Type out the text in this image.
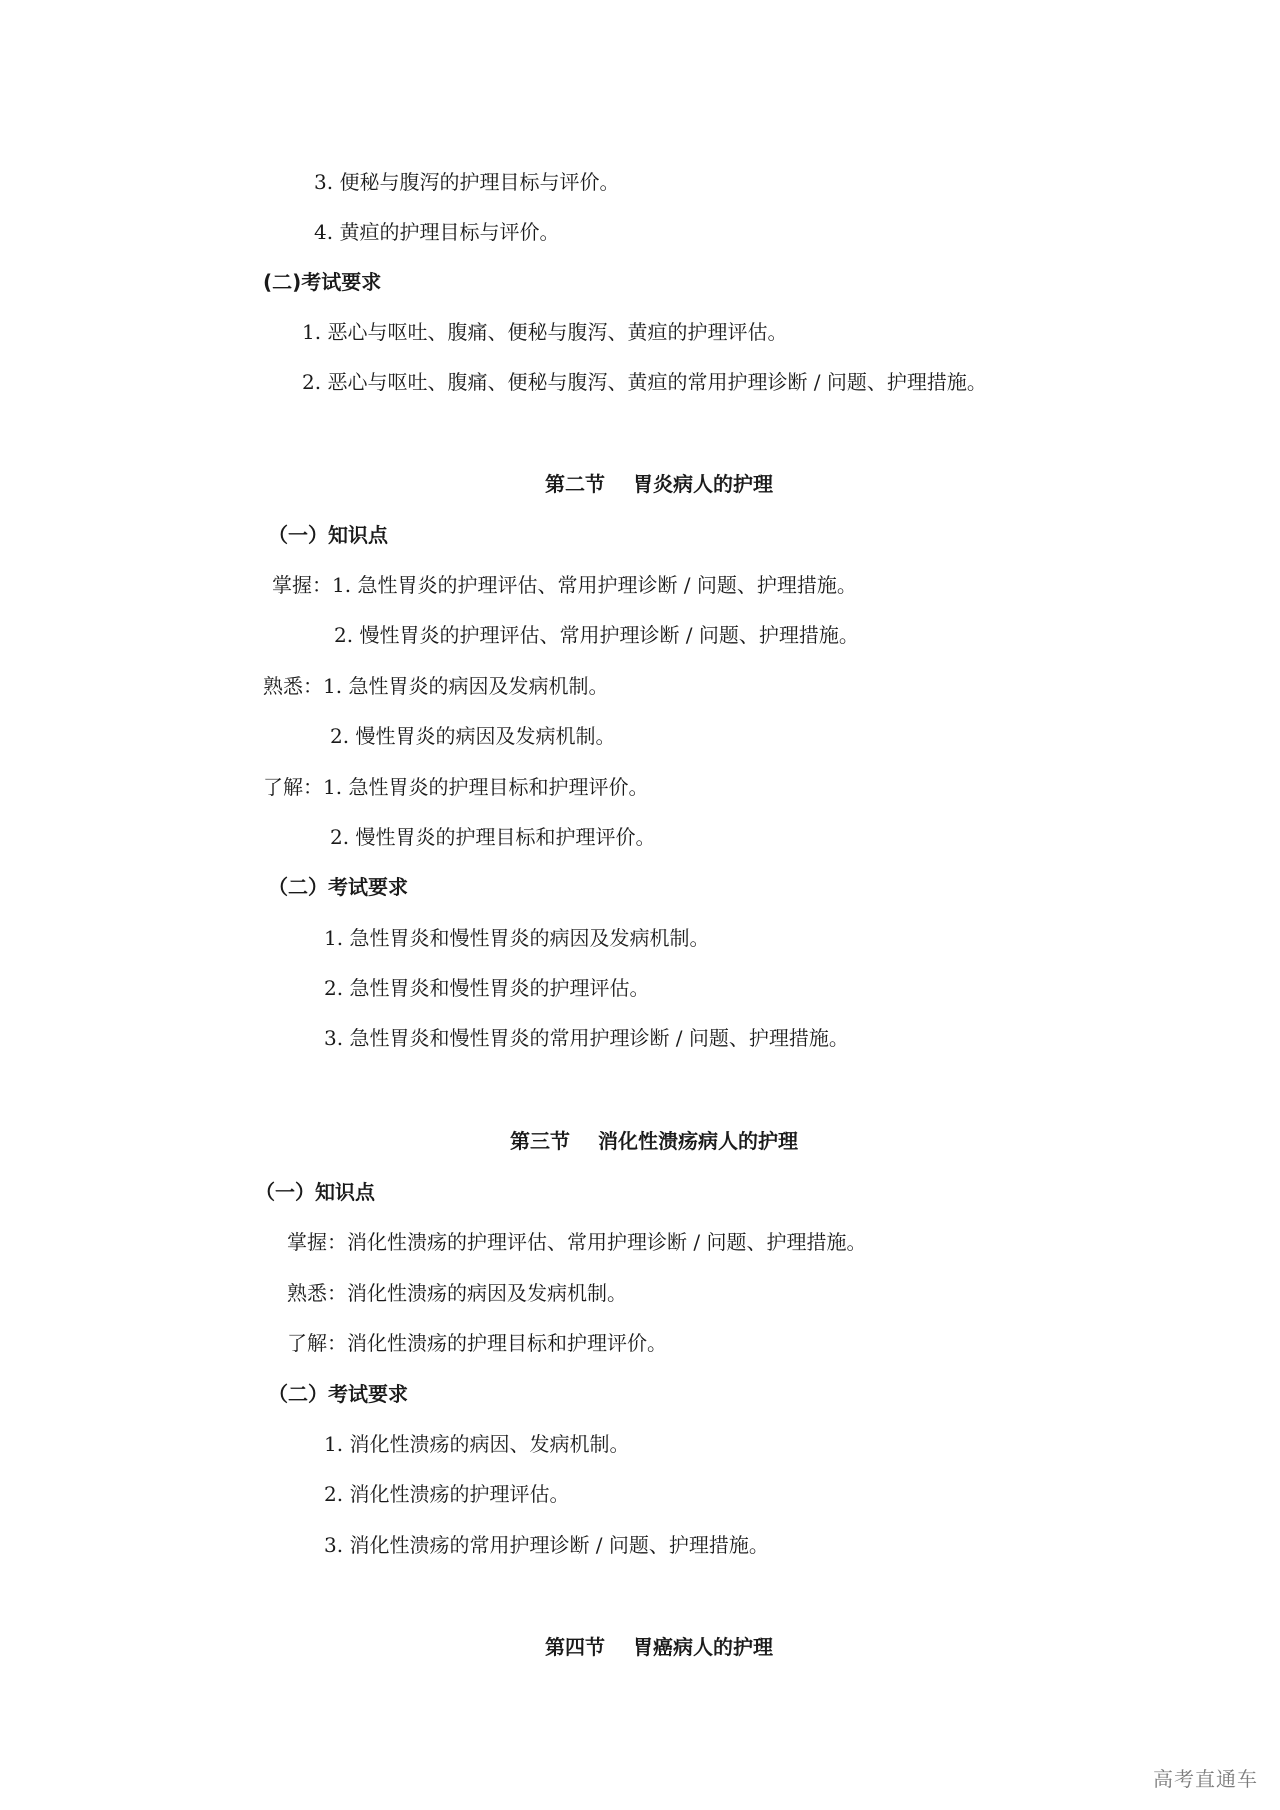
3. 便秘与腹泻的护理目标与评价。
4. 黄疸的护理目标与评价。
(二)考试要求
1. 恶心与呕吐、腹痛、便秘与腹泻、黄疸的护理评估。
2. 恶心与呕吐、腹痛、便秘与腹泻、黄疸的常用护理诊断 / 问题、护理措施。
第二节 胃炎病人的护理
（一）知识点
掌握：1. 急性胃炎的护理评估、常用护理诊断 / 问题、护理措施。
2. 慢性胃炎的护理评估、常用护理诊断 / 问题、护理措施。
熟悉：1. 急性胃炎的病因及发病机制。
2. 慢性胃炎的病因及发病机制。
了解：1. 急性胃炎的护理目标和护理评价。
2. 慢性胃炎的护理目标和护理评价。
（二）考试要求
1. 急性胃炎和慢性胃炎的病因及发病机制。
2. 急性胃炎和慢性胃炎的护理评估。
3. 急性胃炎和慢性胃炎的常用护理诊断 / 问题、护理措施。
第三节 消化性溃疡病人的护理
（一）知识点
掌握：消化性溃疡的护理评估、常用护理诊断 / 问题、护理措施。
熟悉：消化性溃疡的病因及发病机制。
了解：消化性溃疡的护理目标和护理评价。
（二）考试要求
1. 消化性溃疡的病因、发病机制。
2. 消化性溃疡的护理评估。
3. 消化性溃疡的常用护理诊断 / 问题、护理措施。
第四节 胃癌病人的护理
高考直通车
